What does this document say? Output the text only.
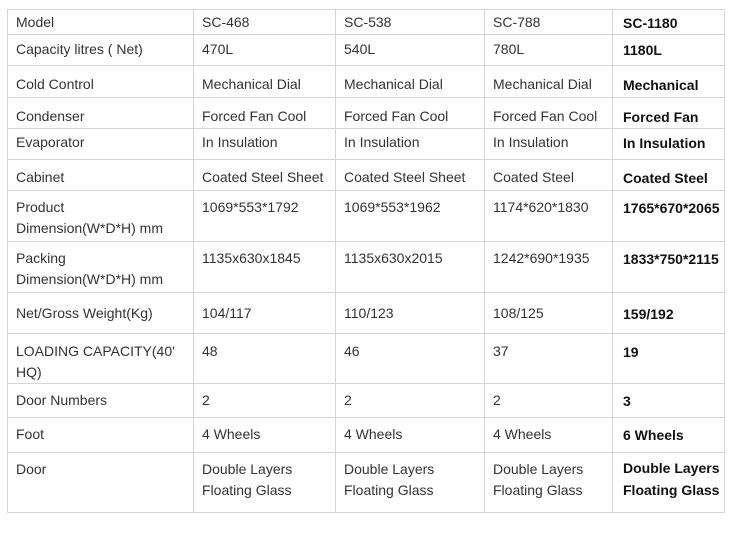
Model	SC-468	SC-538	SC-788	SC-1180
Capacity litres ( Net)	470L	540L	780L	1180L
Cold Control	Mechanical Dial	Mechanical Dial	Mechanical Dial	Mechanical
Condenser	Forced Fan Cool	Forced Fan Cool	Forced Fan Cool	Forced Fan
Evaporator	In Insulation	In Insulation	In Insulation	In Insulation
Cabinet	Coated Steel Sheet	Coated Steel Sheet	Coated Steel	Coated Steel
Product Dimension(W*D*H) mm	1069*553*1792	1069*553*1962	1174*620*1830	1765*670*2065
Packing Dimension(W*D*H) mm	1135x630x1845	1135x630x2015	1242*690*1935	1833*750*2115
Net/Gross Weight(Kg)	104/117	110/123	108/125	159/192
LOADING CAPACITY(40' HQ)	48	46	37	19
Door Numbers	2	2	2	3
Foot	4 Wheels	4 Wheels	4 Wheels	6 Wheels
Door	Double Layers Floating Glass	Double Layers Floating Glass	Double Layers Floating Glass	Double Layers Floating Glass
